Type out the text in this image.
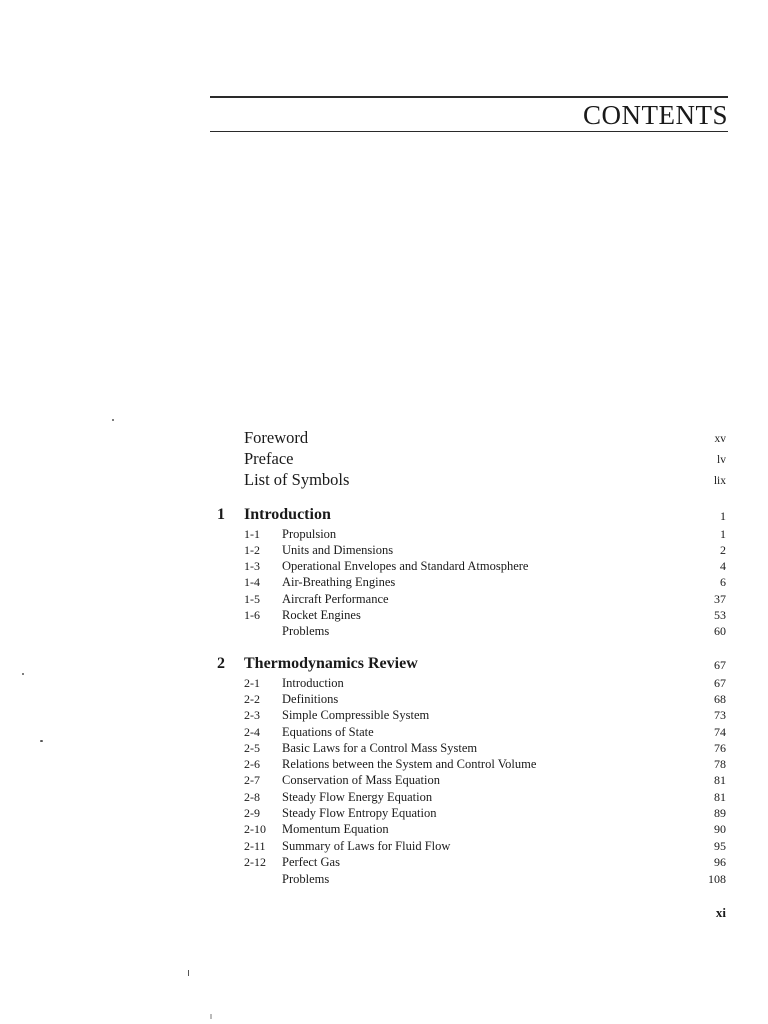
CONTENTS
Foreword	xv
Preface	lv
List of Symbols	lix
1 Introduction	1
1-1 Propulsion	1
1-2 Units and Dimensions	2
1-3 Operational Envelopes and Standard Atmosphere	4
1-4 Air-Breathing Engines	6
1-5 Aircraft Performance	37
1-6 Rocket Engines	53
Problems	60
2 Thermodynamics Review	67
2-1 Introduction	67
2-2 Definitions	68
2-3 Simple Compressible System	73
2-4 Equations of State	74
2-5 Basic Laws for a Control Mass System	76
2-6 Relations between the System and Control Volume	78
2-7 Conservation of Mass Equation	81
2-8 Steady Flow Energy Equation	81
2-9 Steady Flow Entropy Equation	89
2-10 Momentum Equation	90
2-11 Summary of Laws for Fluid Flow	95
2-12 Perfect Gas	96
Problems	108
xi
